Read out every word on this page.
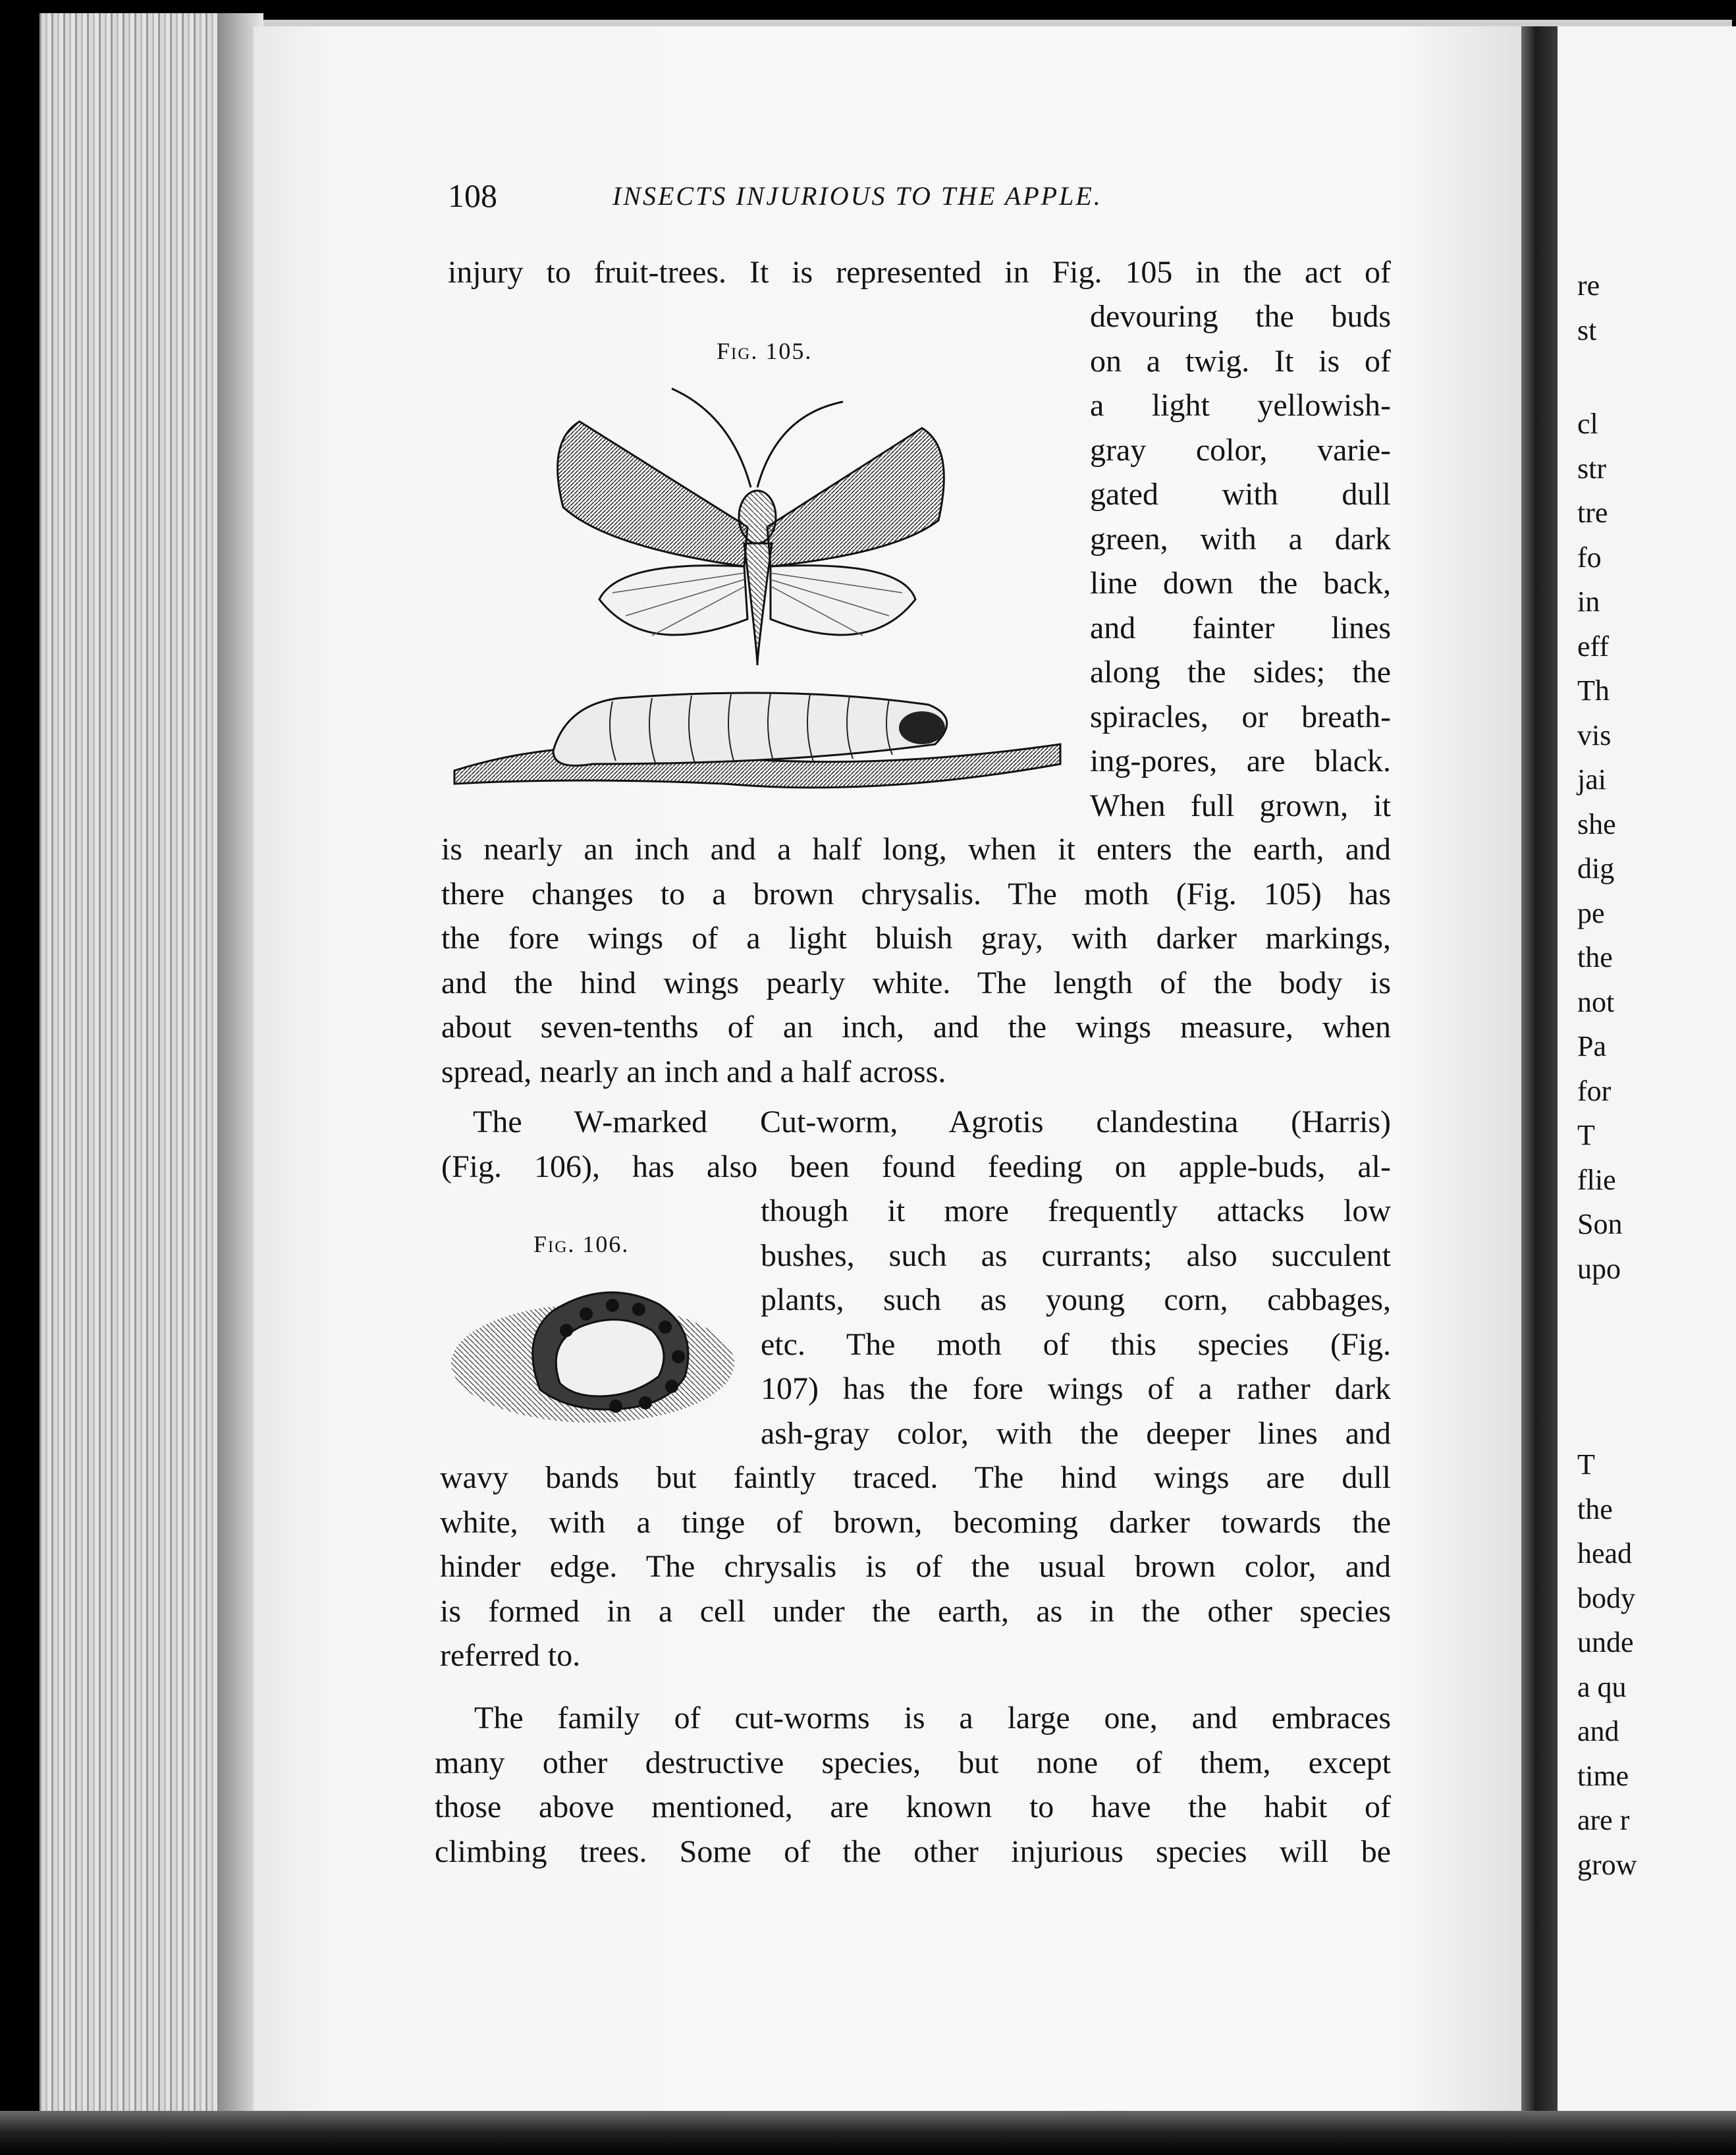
108	INSECTS INJURIOUS TO THE APPLE.
injury to fruit-trees. It is represented in Fig. 105 in the act of
devouring the buds
on a twig. It is of
a light yellowish-
gray color, varie-
gated with dull
green, with a dark
line down the back,
and fainter lines
along the sides; the
spiracles, or breath-
ing-pores, are black.
When full grown, it
Fig. 105.
is nearly an inch and a half long, when it enters the earth, and
there changes to a brown chrysalis. The moth (Fig. 105) has
the fore wings of a light bluish gray, with darker markings,
and the hind wings pearly white. The length of the body is
about seven-tenths of an inch, and the wings measure, when
spread, nearly an inch and a half across.
The W-marked Cut-worm, Agrotis clandestina (Harris)
(Fig. 106), has also been found feeding on apple-buds, al-
Fig. 106.
though it more frequently attacks low
bushes, such as currants; also succulent
plants, such as young corn, cabbages,
etc. The moth of this species (Fig.
107) has the fore wings of a rather dark
ash-gray color, with the deeper lines and
wavy bands but faintly traced. The hind wings are dull
white, with a tinge of brown, becoming darker towards the
hinder edge. The chrysalis is of the usual brown color, and
is formed in a cell under the earth, as in the other species
referred to.
The family of cut-worms is a large one, and embraces
many other destructive species, but none of them, except
those above mentioned, are known to have the habit of
climbing trees. Some of the other injurious species will be
re
st
cl
str
tre
fo
in
eff
Th
vis
jai
she
dig
pe
the
not
Pa
for
T
flie
Son
upo
T
the
head
body
unde
a qu
and
time
are r
grow
